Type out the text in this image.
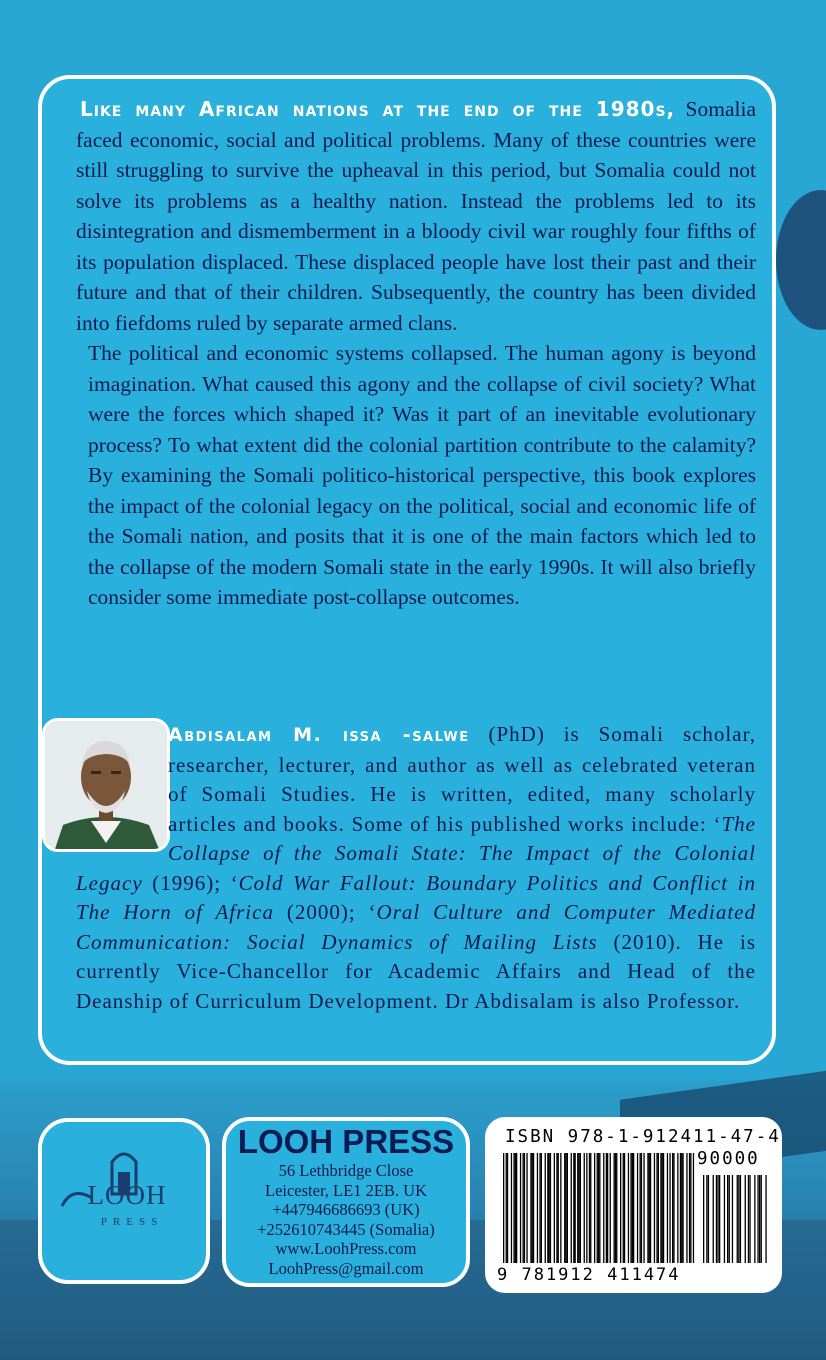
Like many African nations at the end of the 1980s, Somalia faced economic, social and political problems. Many of these countries were still struggling to survive the upheaval in this period, but Somalia could not solve its problems as a healthy nation. Instead the problems led to its disintegration and dismemberment in a bloody civil war roughly four fifths of its population displaced. These displaced people have lost their past and their future and that of their children. Subsequently, the country has been divided into fiefdoms ruled by separate armed clans.

The political and economic systems collapsed. The human agony is beyond imagination. What caused this agony and the collapse of civil society? What were the forces which shaped it? Was it part of an inevitable evolutionary process? To what extent did the colonial partition contribute to the calamity? By examining the Somali politico-historical perspective, this book explores the impact of the colonial legacy on the political, social and economic life of the Somali nation, and posits that it is one of the main factors which led to the collapse of the modern Somali state in the early 1990s. It will also briefly consider some immediate post-collapse outcomes.

Abdisalam M. issa -salwe (PhD) is Somali scholar, researcher, lecturer, and author as well as celebrated veteran of Somali Studies. He is written, edited, many scholarly articles and books. Some of his published works include: ‘The Collapse of the Somali State: The Impact of the Colonial Legacy (1996); ‘Cold War Fallout: Boundary Politics and Conflict in The Horn of Africa (2000); ‘Oral Culture and Computer Mediated Communication: Social Dynamics of Mailing Lists (2010). He is currently Vice-Chancellor for Academic Affairs and Head of the Deanship of Curriculum Development. Dr Abdisalam is also Professor.
LOOH
PRESS
LOOH PRESS
56 Lethbridge Close
Leicester, LE1 2EB. UK
+447946686693 (UK)
+252610743445 (Somalia)
www.LoohPress.com
LoohPress@gmail.com
ISBN 978-1-912411-47-4
90000
9 781912 411474
